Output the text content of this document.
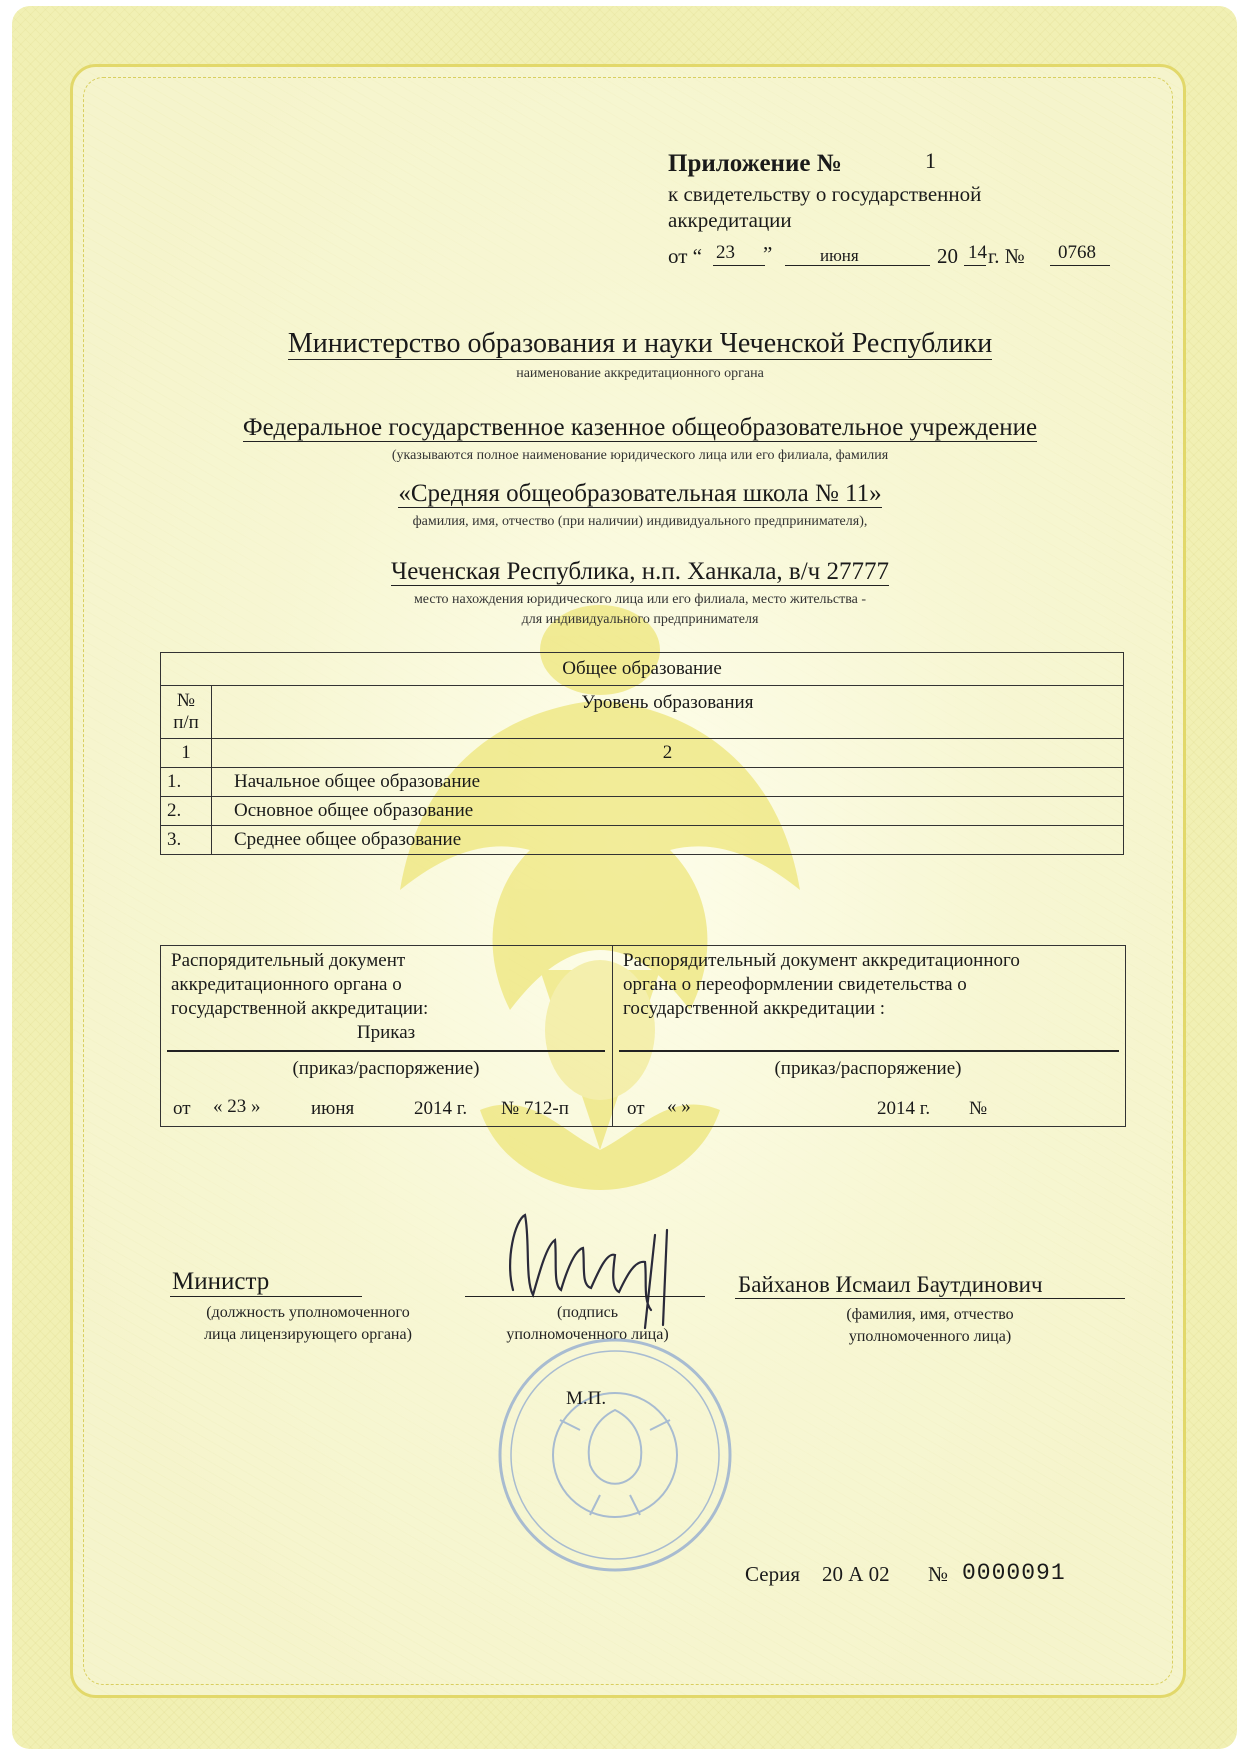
Приложение №	1
к свидетельству о государственной
аккредитации
от “ 23	”	июня	20 14 г. № 0768
Министерство образования и науки Чеченской Республики
наименование аккредитационного органа
Федеральное государственное казенное общеобразовательное учреждение
(указываются полное наименование юридического лица или его филиала, фамилия
«Средняя общеобразовательная школа № 11»
фамилия, имя, отчество (при наличии) индивидуального предпринимателя),
Чеченская Республика, н.п. Ханкала, в/ч 27777
место нахождения юридического лица или его филиала, место жительства -
для индивидуального предпринимателя
Общее образование	
№
п/п	Уровень образования
1	2
1.	Начальное общее образование
2.	Основное общее образование
3.	Среднее общее образование
Распорядительный документ
аккредитационного органа о
государственной аккредитации:
Приказ
(приказ/распоряжение)
от « 23 »	июня	2014 г. № 712-п
Распорядительный документ аккредитационного
органа о переоформлении свидетельства о
государственной аккредитации :
(приказ/распоряжение)
от « »	2014 г. №
Министр
(должность уполномоченного
лица лицензирующего органа)
(подпись
уполномоченного лица)
Байханов Исмаил Баутдинович
(фамилия, имя, отчество
уполномоченного лица)
М.П.
Серия 20 А 02 № 0000091
